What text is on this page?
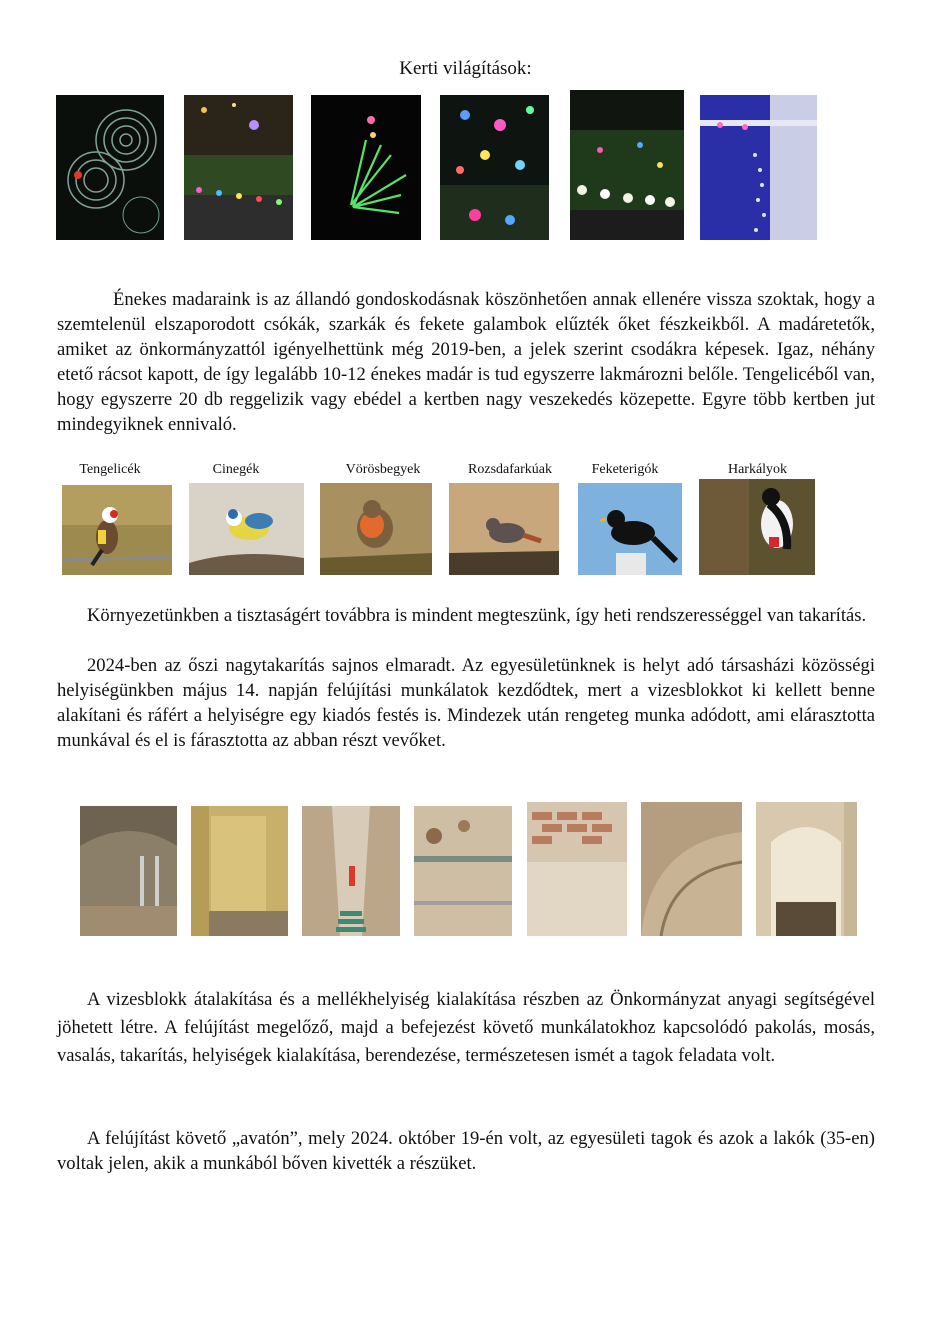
Kerti világítások:

Énekes madaraink is az állandó gondoskodásnak köszönhetően annak ellenére vissza szoktak, hogy a szemtelenül elszaporodott csókák, szarkák és fekete galambok elűzték őket fészkeikből. A madáretetők, amiket az önkormányzattól igényelhettünk még 2019-ben, a jelek szerint csodákra képesek. Igaz, néhány etető rácsot kapott, de így legalább 10-12 énekes madár is tud egyszerre lakmározni belőle. Tengelicéből van, hogy egyszerre 20 db reggelizik vagy ebédel a kertben nagy veszekedés közepette. Egyre több kertben jut mindegyiknek ennivaló.

Tengelicék	Cinegék	Vörösbegyek	Rozsdafarkúak	Feketerigók	Harkályok

Környezetünkben a tisztaságért továbbra is mindent megteszünk, így heti rendszerességgel van takarítás.

2024-ben az őszi nagytakarítás sajnos elmaradt. Az egyesületünknek is helyt adó társasházi közösségi helyiségünkben május 14. napján felújítási munkálatok kezdődtek, mert a vizesblokkot ki kellett benne alakítani és ráfért a helyiségre egy kiadós festés is. Mindezek után rengeteg munka adódott, ami elárasztotta munkával és el is fárasztotta az abban részt vevőket.

A vizesblokk átalakítása és a mellékhelyiség kialakítása részben az Önkormányzat anyagi segítségével jöhetett létre. A felújítást megelőző, majd a befejezést követő munkálatokhoz kapcsolódó pakolás, mosás, vasalás, takarítás, helyiségek kialakítása, berendezése, természetesen ismét a tagok feladata volt.

A felújítást követő „avatón”, mely 2024. október 19-én volt, az egyesületi tagok és azok a lakók (35-en) voltak jelen, akik a munkából bőven kivették a részüket.
